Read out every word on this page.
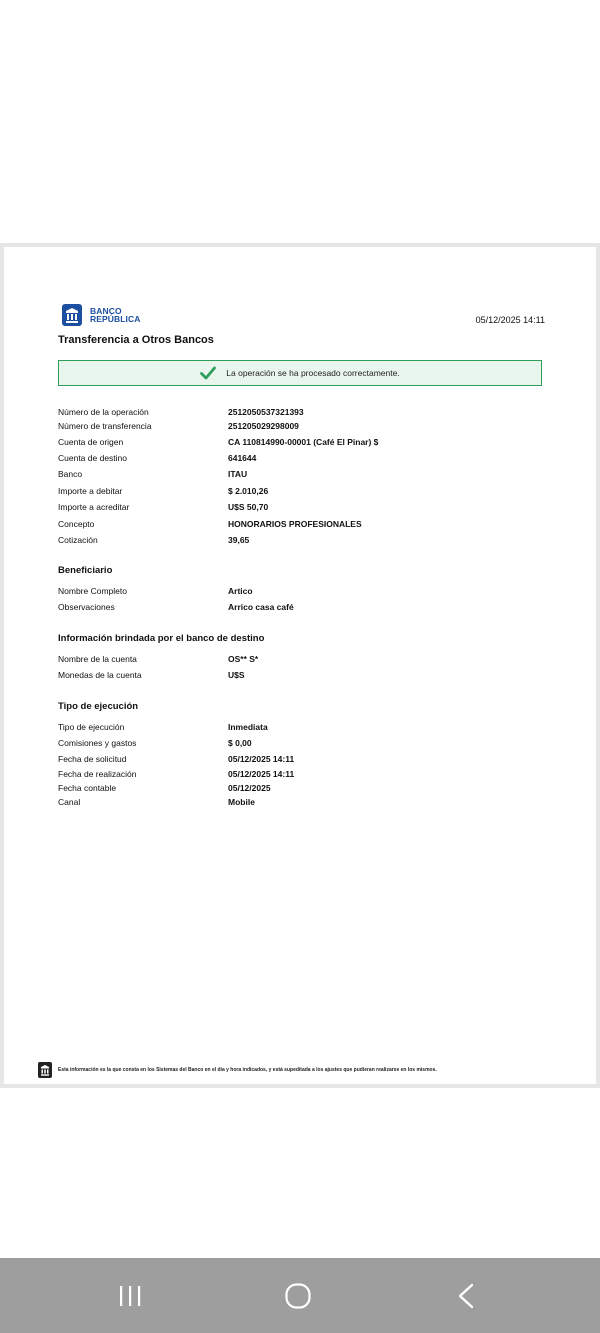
BANCO
REPÚBLICA	05/12/2025 14:11
Transferencia a Otros Bancos
La operación se ha procesado correctamente.
Número de la operación	2512050537321393
Número de transferencia	251205029298009
Cuenta de origen	CA 110814990-00001 (Café El Pinar) $
Cuenta de destino	641644
Banco	ITAU
Importe a debitar	$ 2.010,26
Importe a acreditar	U$S 50,70
Concepto	HONORARIOS PROFESIONALES
Cotización	39,65
Beneficiario
Nombre Completo	Artico
Observaciones	Arrico casa café
Información brindada por el banco de destino
Nombre de la cuenta	OS** S*
Monedas de la cuenta	U$S
Tipo de ejecución
Tipo de ejecución	Inmediata
Comisiones y gastos	$ 0,00
Fecha de solicitud	05/12/2025 14:11
Fecha de realización	05/12/2025 14:11
Fecha contable	05/12/2025
Canal	Mobile
Esta información es la que consta en los Sistemas del Banco en el día y hora indicados, y está supeditada a los ajustes que pudieran realizarse en los mismos.
